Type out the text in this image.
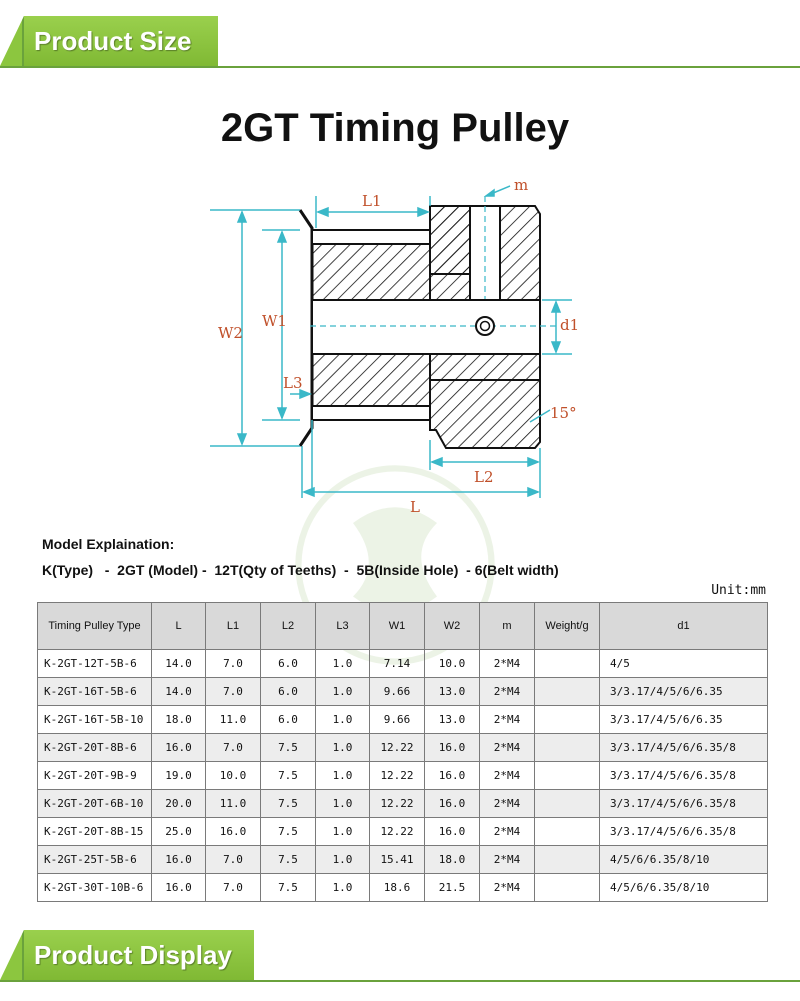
Product Size
2GT Timing Pulley
m
L1
W2
W1	d1
L3
15°
L2
L
Model Explaination:
K(Type)   -  2GT (Model) -  12T(Qty of Teeths)  -  5B(Inside Hole)  - 6(Belt width)
Unit:mm
Timing Pulley Type	L	L1	L2	L3	W1	W2	m	Weight/g	d1
K-2GT-12T-5B-6	14.0	7.0	6.0	1.0	7.14	10.0	2*M4		4/5
K-2GT-16T-5B-6	14.0	7.0	6.0	1.0	9.66	13.0	2*M4		3/3.17/4/5/6/6.35
K-2GT-16T-5B-10	18.0	11.0	6.0	1.0	9.66	13.0	2*M4		3/3.17/4/5/6/6.35
K-2GT-20T-8B-6	16.0	7.0	7.5	1.0	12.22	16.0	2*M4		3/3.17/4/5/6/6.35/8
K-2GT-20T-9B-9	19.0	10.0	7.5	1.0	12.22	16.0	2*M4		3/3.17/4/5/6/6.35/8
K-2GT-20T-6B-10	20.0	11.0	7.5	1.0	12.22	16.0	2*M4		3/3.17/4/5/6/6.35/8
K-2GT-20T-8B-15	25.0	16.0	7.5	1.0	12.22	16.0	2*M4		3/3.17/4/5/6/6.35/8
K-2GT-25T-5B-6	16.0	7.0	7.5	1.0	15.41	18.0	2*M4		4/5/6/6.35/8/10
K-2GT-30T-10B-6	16.0	7.0	7.5	1.0	18.6	21.5	2*M4		4/5/6/6.35/8/10
Product Display
